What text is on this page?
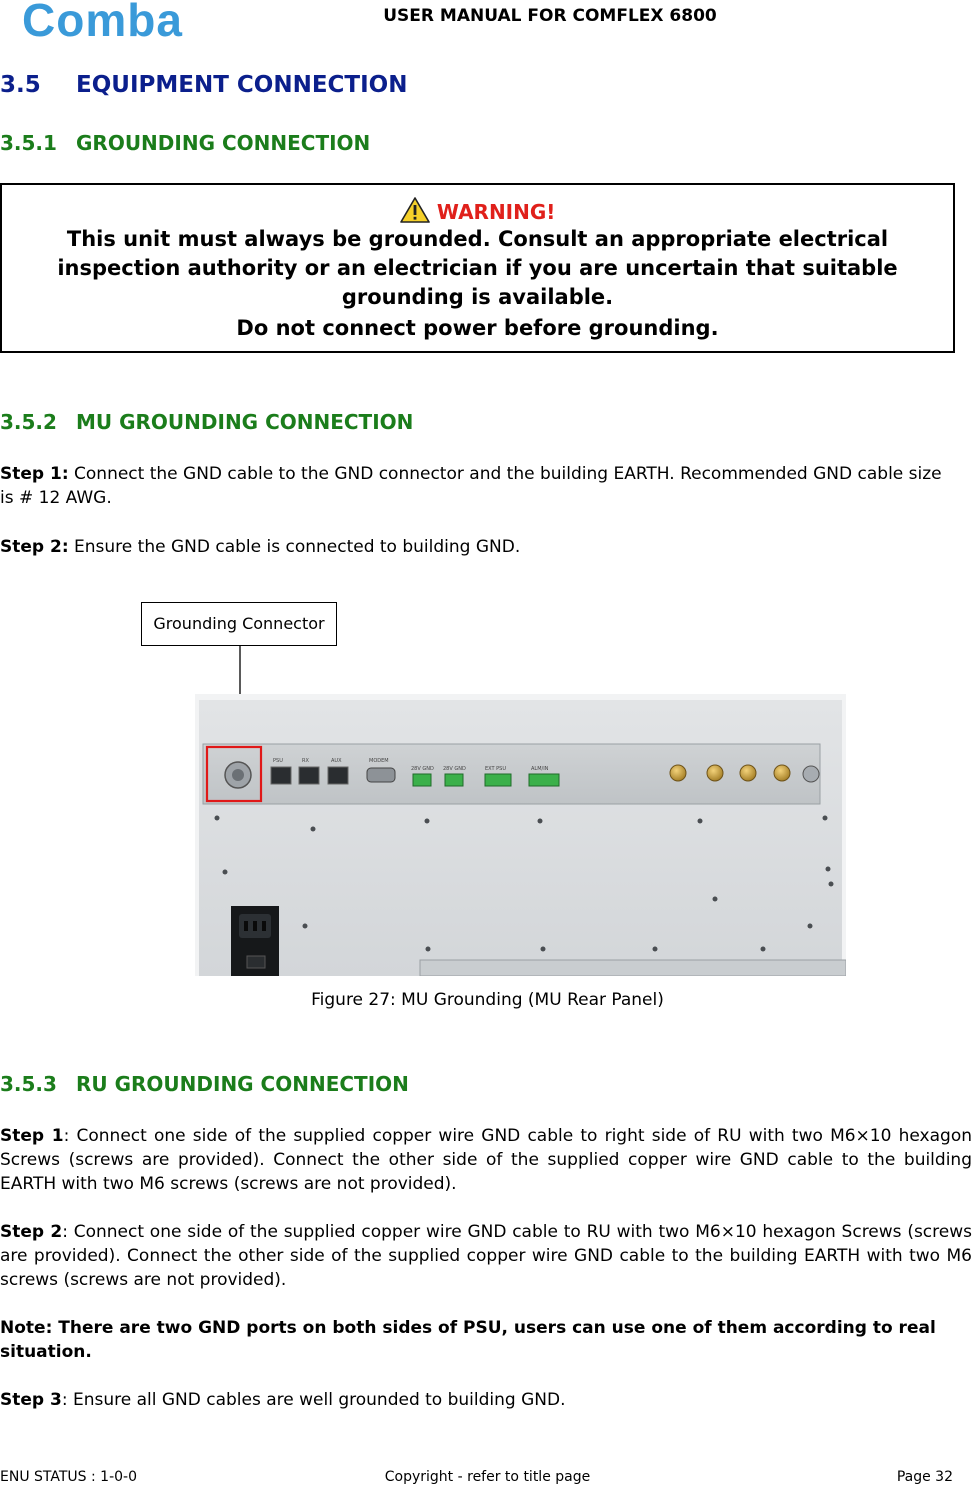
Comba	USER MANUAL FOR COMFLEX 6800
3.5 EQUIPMENT CONNECTION
3.5.1 GROUNDING CONNECTION
WARNING!
This unit must always be grounded. Consult an appropriate electrical
inspection authority or an electrician if you are uncertain that suitable
grounding is available.
Do not connect power before grounding.
3.5.2 MU GROUNDING CONNECTION
Step 1: Connect the GND cable to the GND connector and the building EARTH. Recommended GND cable size is # 12 AWG.
Step 2: Ensure the GND cable is connected to building GND.
Grounding Connector
PSU	RX	AUX	MODEM
28V GND 28V GND	EXT PSU	ALM/IN
Figure 27: MU Grounding (MU Rear Panel)
3.5.3 RU GROUNDING CONNECTION
Step 1: Connect one side of the supplied copper wire GND cable to right side of RU with two M6×10 hexagon Screws (screws are provided). Connect the other side of the supplied copper wire GND cable to the building EARTH with two M6 screws (screws are not provided).
Step 2: Connect one side of the supplied copper wire GND cable to RU with two M6×10 hexagon Screws (screws are provided). Connect the other side of the supplied copper wire GND cable to the building EARTH with two M6 screws (screws are not provided).
Note: There are two GND ports on both sides of PSU, users can use one of them according to real situation.
Step 3: Ensure all GND cables are well grounded to building GND.
ENU STATUS : 1-0-0	Copyright - refer to title page	Page 32
